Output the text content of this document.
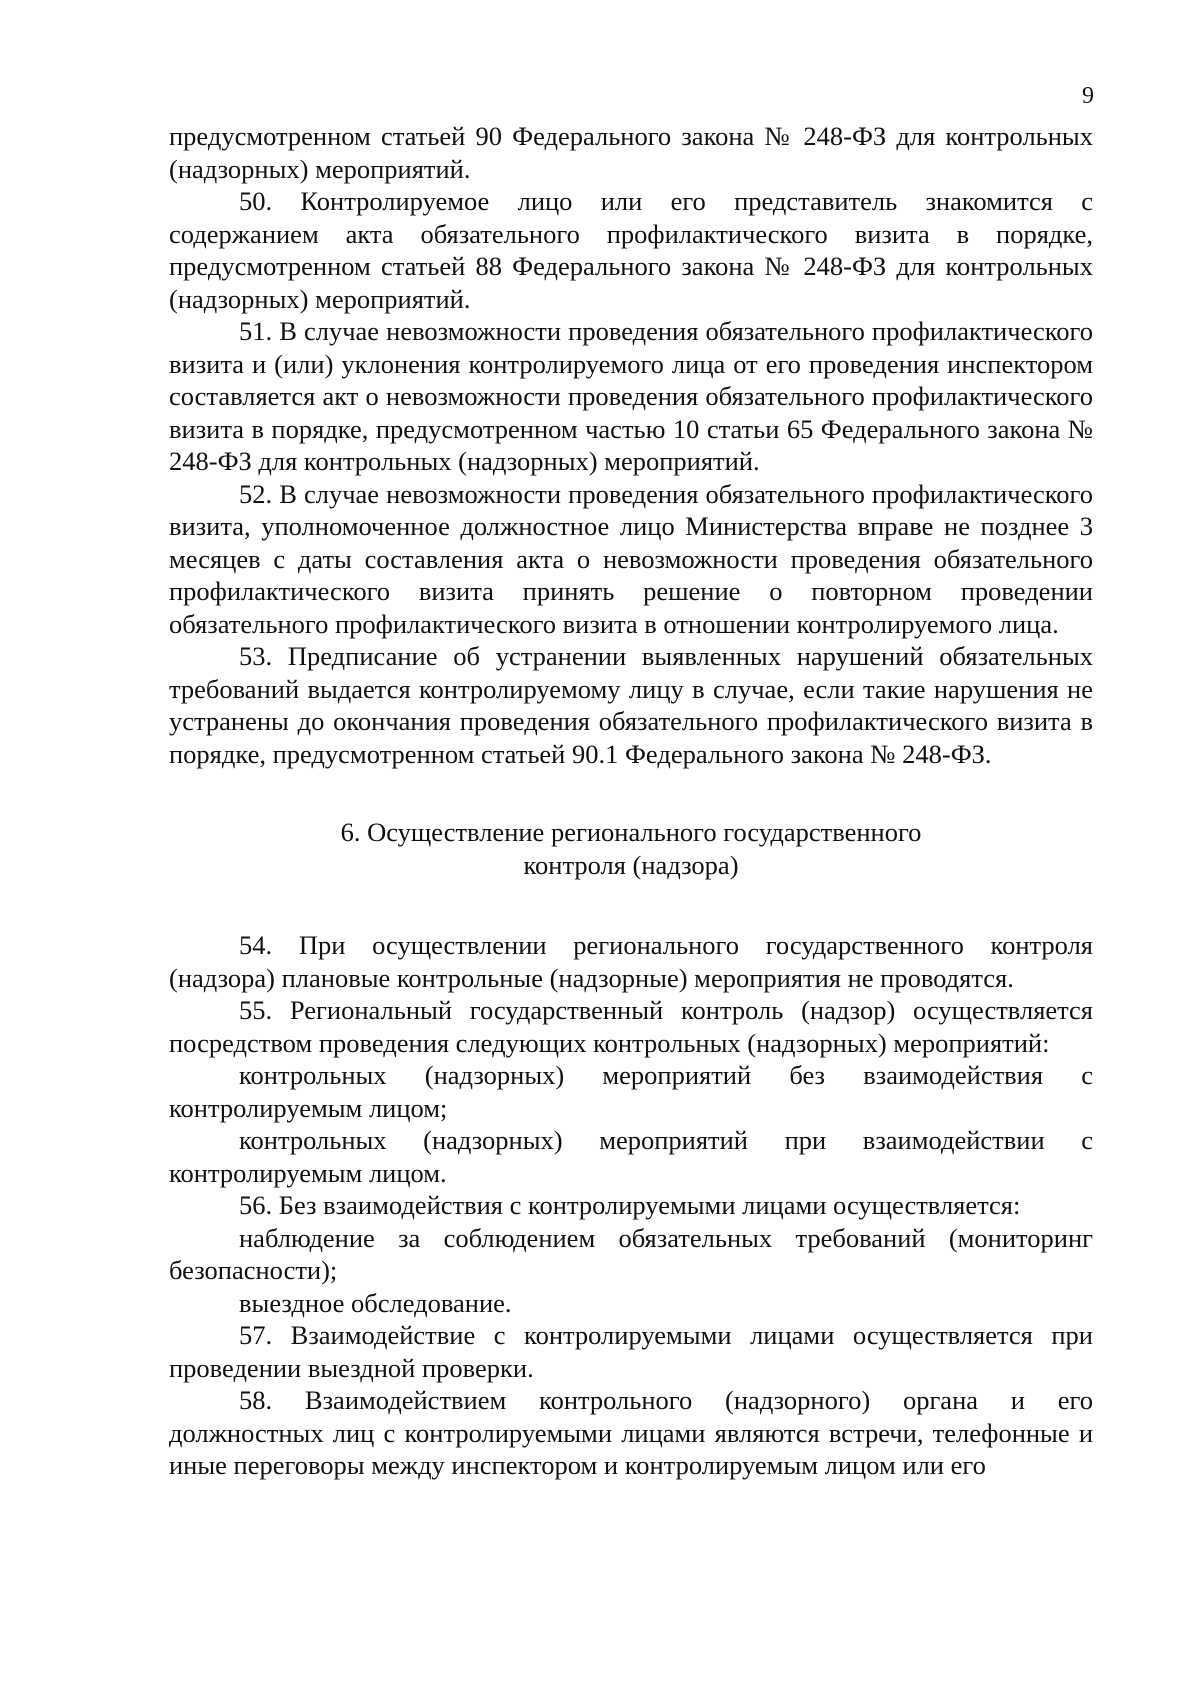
9

предусмотренном статьей 90 Федерального закона № 248-ФЗ для контрольных (надзорных) мероприятий.

50. Контролируемое лицо или его представитель знакомится с содержанием акта обязательного профилактического визита в порядке, предусмотренном статьей 88 Федерального закона № 248-ФЗ для контрольных (надзорных) мероприятий.

51. В случае невозможности проведения обязательного профилактического визита и (или) уклонения контролируемого лица от его проведения инспектором составляется акт о невозможности проведения обязательного профилактического визита в порядке, предусмотренном частью 10 статьи 65 Федерального закона № 248-ФЗ для контрольных (надзорных) мероприятий.

52. В случае невозможности проведения обязательного профилактического визита, уполномоченное должностное лицо Министерства вправе не позднее 3 месяцев с даты составления акта о невозможности проведения обязательного профилактического визита принять решение о повторном проведении обязательного профилактического визита в отношении контролируемого лица.

53. Предписание об устранении выявленных нарушений обязательных требований выдается контролируемому лицу в случае, если такие нарушения не устранены до окончания проведения обязательного профилактического визита в порядке, предусмотренном статьей 90.1 Федерального закона № 248-ФЗ.

6. Осуществление регионального государственного
контроля (надзора)

54. При осуществлении регионального государственного контроля (надзора) плановые контрольные (надзорные) мероприятия не проводятся.

55. Региональный государственный контроль (надзор) осуществляется посредством проведения следующих контрольных (надзорных) мероприятий:

контрольных (надзорных) мероприятий без взаимодействия с контролируемым лицом;

контрольных (надзорных) мероприятий при взаимодействии с контролируемым лицом.

56. Без взаимодействия с контролируемыми лицами осуществляется:

наблюдение за соблюдением обязательных требований (мониторинг безопасности);

выездное обследование.

57. Взаимодействие с контролируемыми лицами осуществляется при проведении выездной проверки.

58. Взаимодействием контрольного (надзорного) органа и его должностных лиц с контролируемыми лицами являются встречи, телефонные и иные переговоры между инспектором и контролируемым лицом или его
